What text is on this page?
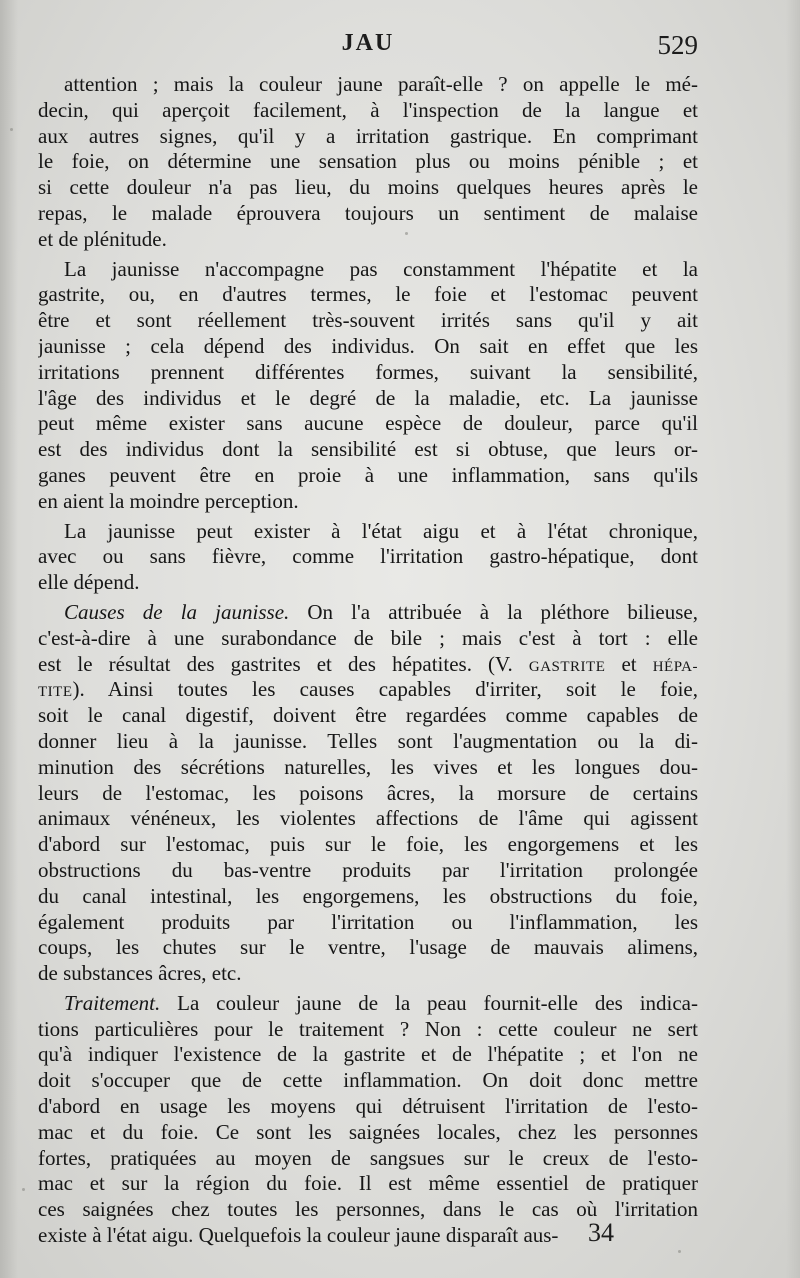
JAU	529
attention ; mais la couleur jaune paraît-elle ? on appelle le mé-
decin, qui aperçoit facilement, à l'inspection de la langue et
aux autres signes, qu'il y a irritation gastrique. En comprimant
le foie, on détermine une sensation plus ou moins pénible ; et
si cette douleur n'a pas lieu, du moins quelques heures après le
repas, le malade éprouvera toujours un sentiment de malaise
et de plénitude.
La jaunisse n'accompagne pas constamment l'hépatite et la
gastrite, ou, en d'autres termes, le foie et l'estomac peuvent
être et sont réellement très-souvent irrités sans qu'il y ait
jaunisse ; cela dépend des individus. On sait en effet que les
irritations prennent différentes formes, suivant la sensibilité,
l'âge des individus et le degré de la maladie, etc. La jaunisse
peut même exister sans aucune espèce de douleur, parce qu'il
est des individus dont la sensibilité est si obtuse, que leurs or-
ganes peuvent être en proie à une inflammation, sans qu'ils
en aient la moindre perception.
La jaunisse peut exister à l'état aigu et à l'état chronique,
avec ou sans fièvre, comme l'irritation gastro-hépatique, dont
elle dépend.
Causes de la jaunisse. On l'a attribuée à la pléthore bilieuse,
c'est-à-dire à une surabondance de bile ; mais c'est à tort : elle
est le résultat des gastrites et des hépatites. (V. GASTRITE et HÉPA-
TITE). Ainsi toutes les causes capables d'irriter, soit le foie,
soit le canal digestif, doivent être regardées comme capables de
donner lieu à la jaunisse. Telles sont l'augmentation ou la di-
minution des sécrétions naturelles, les vives et les longues dou-
leurs de l'estomac, les poisons âcres, la morsure de certains
animaux vénéneux, les violentes affections de l'âme qui agissent
d'abord sur l'estomac, puis sur le foie, les engorgemens et les
obstructions du bas-ventre produits par l'irritation prolongée
du canal intestinal, les engorgemens, les obstructions du foie,
également produits par l'irritation ou l'inflammation, les
coups, les chutes sur le ventre, l'usage de mauvais alimens,
de substances âcres, etc.
Traitement. La couleur jaune de la peau fournit-elle des indica-
tions particulières pour le traitement ? Non : cette couleur ne sert
qu'à indiquer l'existence de la gastrite et de l'hépatite ; et l'on ne
doit s'occuper que de cette inflammation. On doit donc mettre
d'abord en usage les moyens qui détruisent l'irritation de l'esto-
mac et du foie. Ce sont les saignées locales, chez les personnes
fortes, pratiquées au moyen de sangsues sur le creux de l'esto-
mac et sur la région du foie. Il est même essentiel de pratiquer
ces saignées chez toutes les personnes, dans le cas où l'irritation
existe à l'état aigu. Quelquefois la couleur jaune disparaît aus-	34
